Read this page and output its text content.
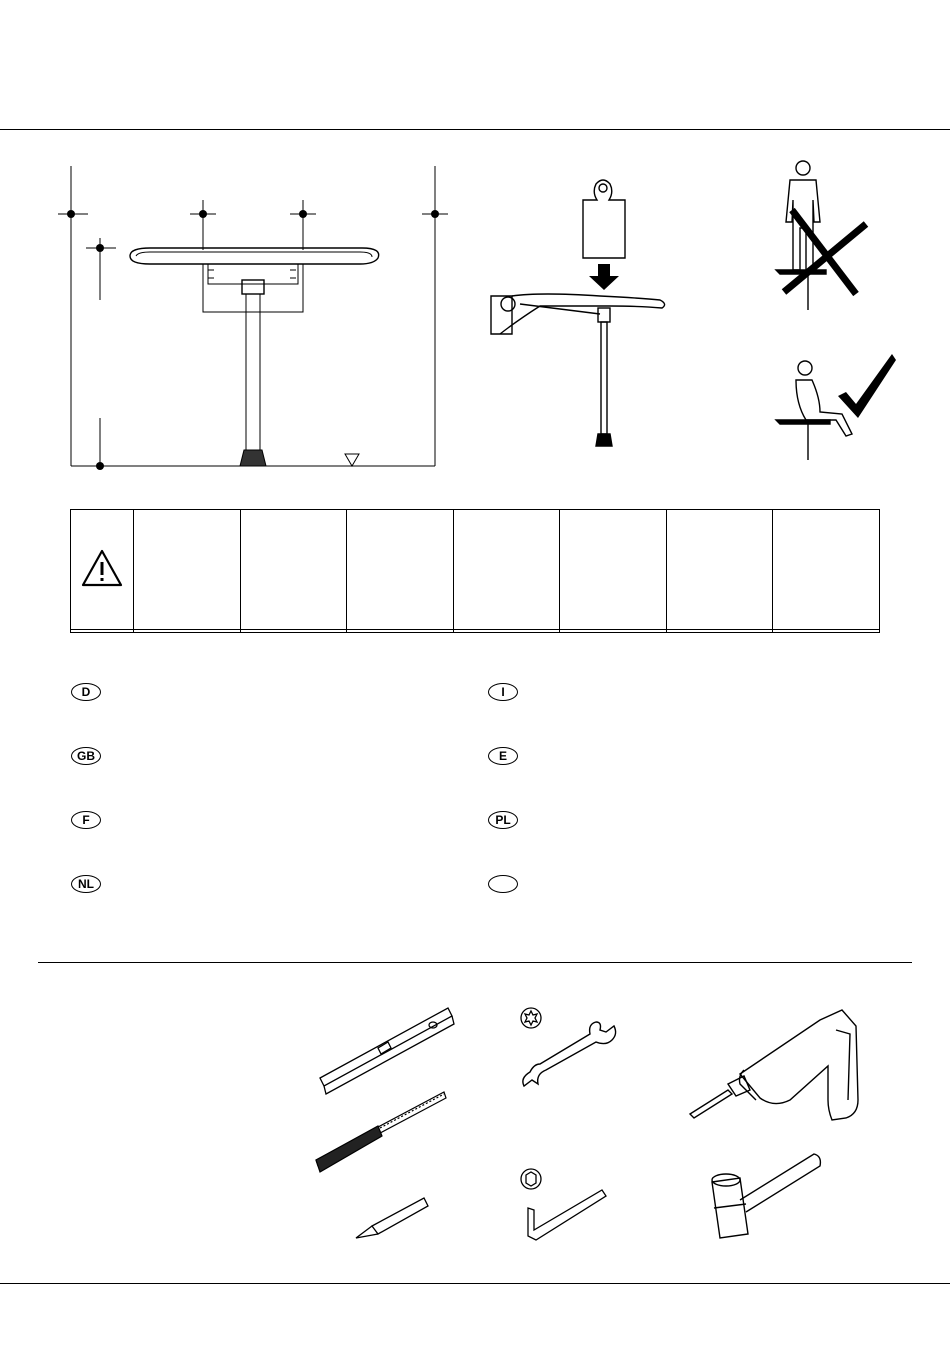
D
GB
F
NL
I
E
PL
